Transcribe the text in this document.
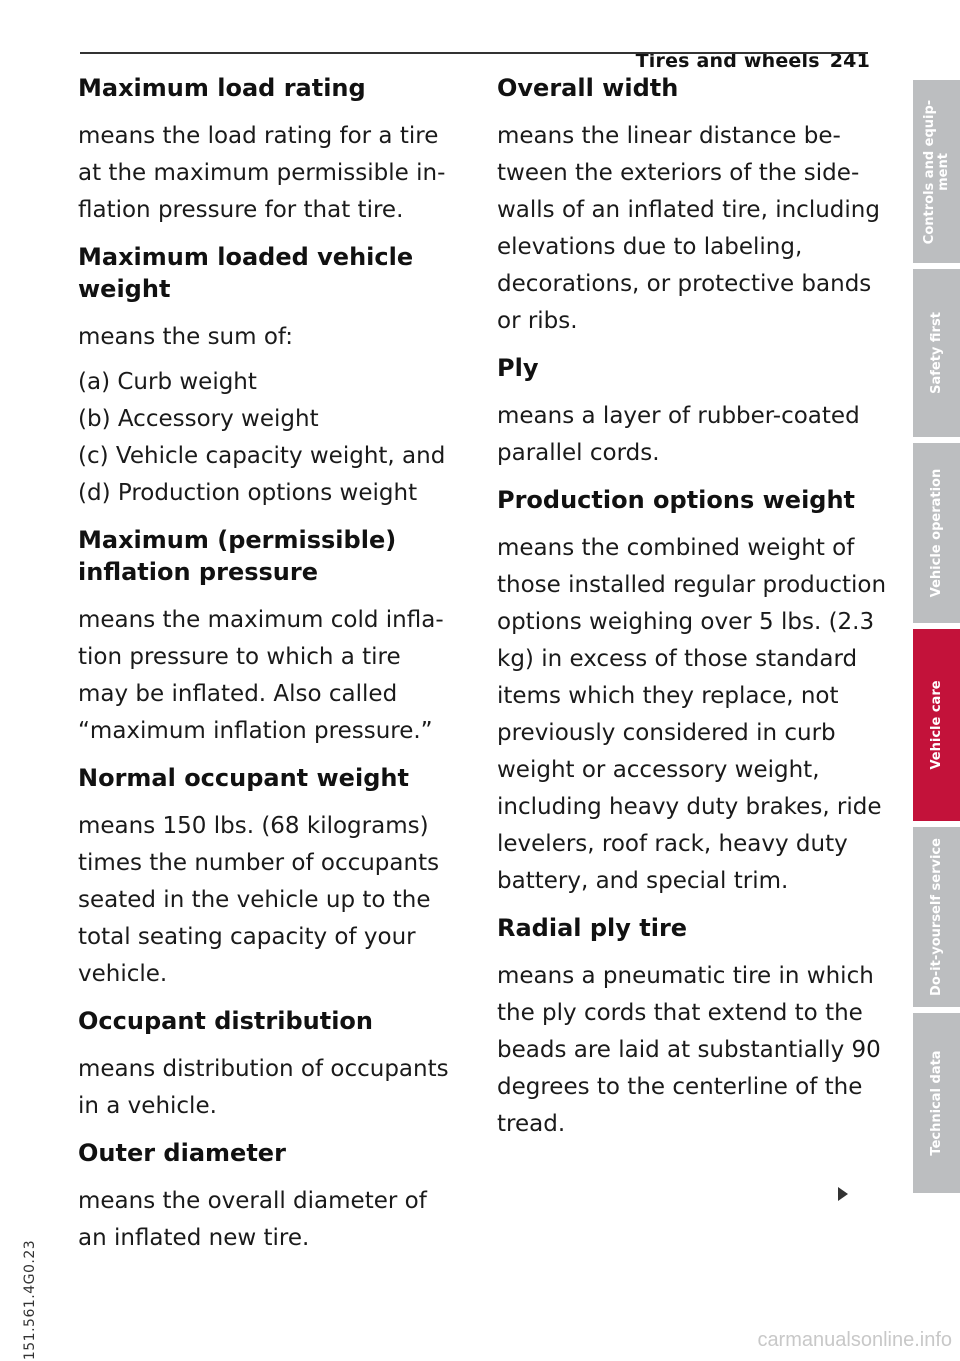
Tires and wheels 241
Maximum load rating

means the load rating for a tire at the maximum permissible inflation pressure for that tire.

Maximum loaded vehicle weight

means the sum of:

(a) Curb weight
(b) Accessory weight
(c) Vehicle capacity weight, and
(d) Production options weight
Maximum (permissible) inflation pressure

means the maximum cold inflation pressure to which a tire may be inflated. Also called “maximum inflation pressure.”

Normal occupant weight

means 150 lbs. (68 kilograms) times the number of occupants seated in the vehicle up to the total seating capacity of your vehicle.

Occupant distribution

means distribution of occupants in a vehicle.

Outer diameter

means the overall diameter of an inflated new tire.

Overall width

means the linear distance between the exteriors of the sidewalls of an inflated tire, including elevations due to labeling, decorations, or protective bands or ribs.

Ply

means a layer of rubber-coated parallel cords.

Production options weight

means the combined weight of those installed regular production options weighing over 5 lbs. (2.3 kg) in excess of those standard items which they replace, not previously considered in curb weight or accessory weight, including heavy duty brakes, ride levelers, roof rack, heavy duty battery, and special trim.

Radial ply tire

means a pneumatic tire in which the ply cords that extend to the beads are laid at substantially 90 degrees to the centerline of the tread.

Controls and equip-
ment
Safety first
Vehicle operation
Vehicle care
Do-it-yourself service
Technical data
151.561.4G0.23	carmanualsonline.info
